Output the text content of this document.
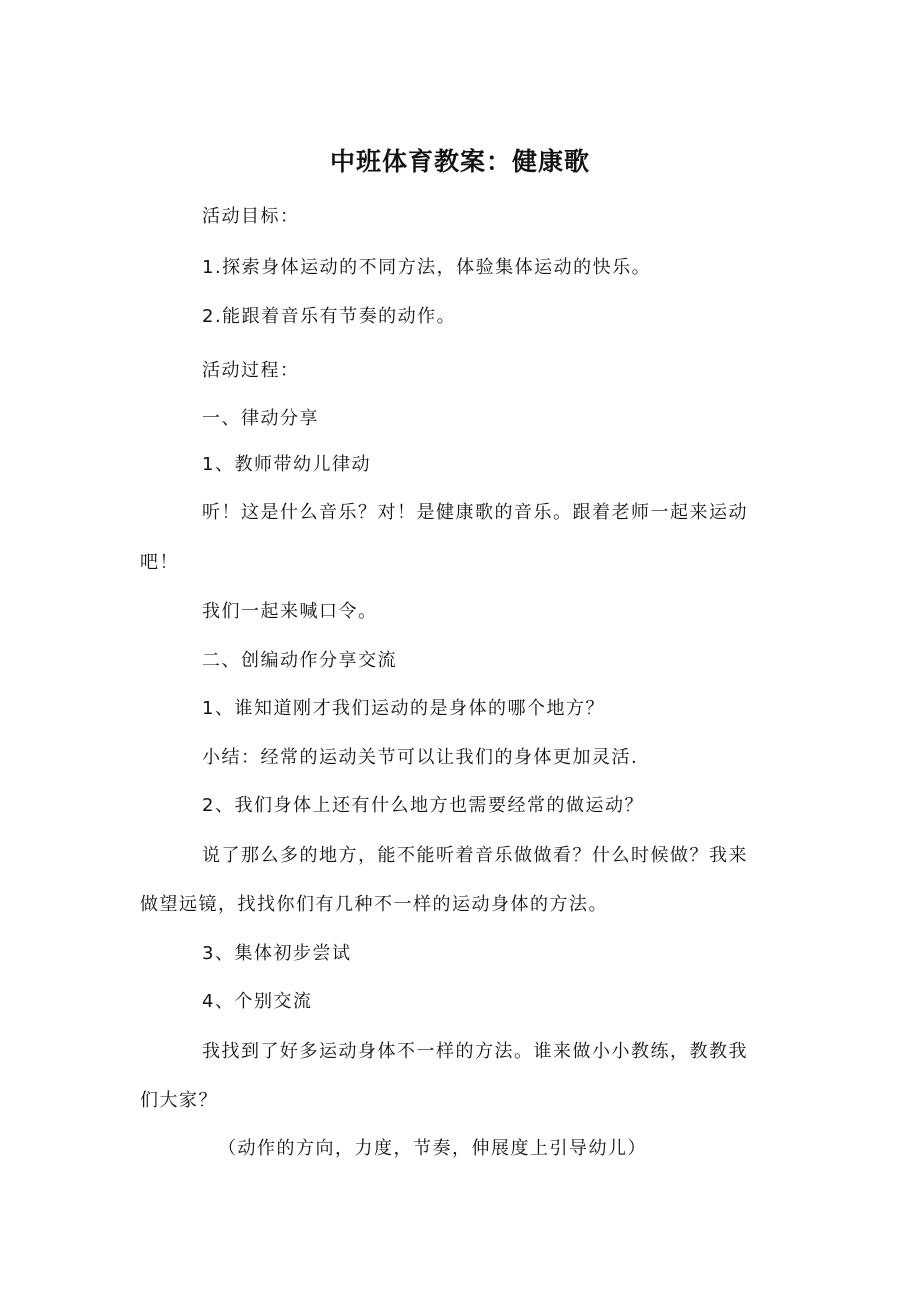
中班体育教案：健康歌
活动目标：
1.探索身体运动的不同方法，体验集体运动的快乐。
2.能跟着音乐有节奏的动作。
活动过程：
一、律动分享
1、教师带幼儿律动
听！这是什么音乐？对！是健康歌的音乐。跟着老师一起来运动
吧！
我们一起来喊口令。
二、创编动作分享交流
1、谁知道刚才我们运动的是身体的哪个地方？
小结：经常的运动关节可以让我们的身体更加灵活.
2、我们身体上还有什么地方也需要经常的做运动？
说了那么多的地方，能不能听着音乐做做看？什么时候做？我来
做望远镜，找找你们有几种不一样的运动身体的方法。
3、集体初步尝试
4、个别交流
我找到了好多运动身体不一样的方法。谁来做小小教练，教教我
们大家？
（动作的方向，力度，节奏，伸展度上引导幼儿）
